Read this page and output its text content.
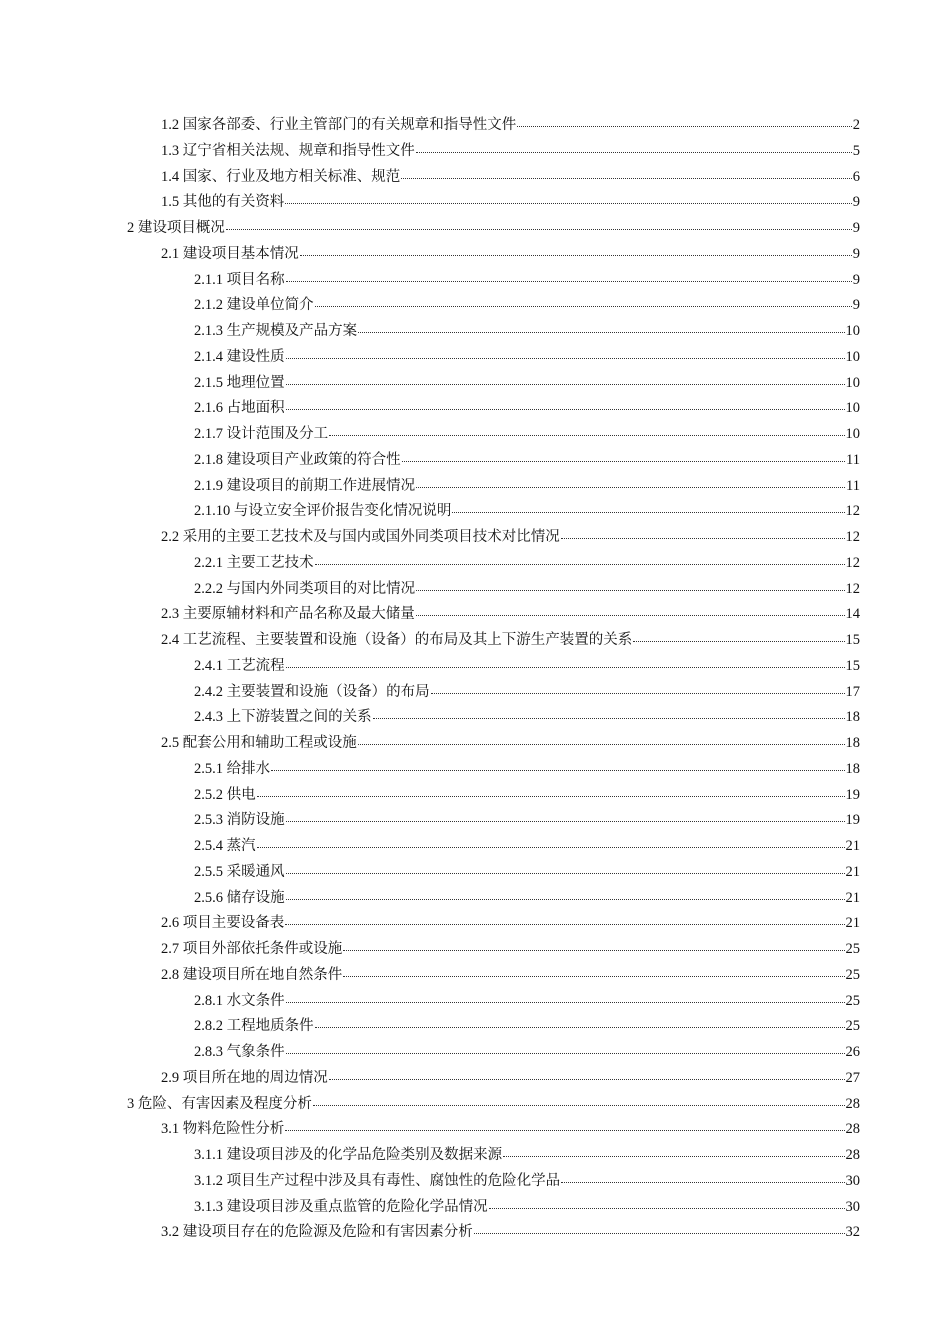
1.2 国家各部委、行业主管部门的有关规章和指导性文件	2
1.3 辽宁省相关法规、规章和指导性文件	5
1.4 国家、行业及地方相关标准、规范	6
1.5 其他的有关资料	9
2 建设项目概况	9
2.1 建设项目基本情况	9
2.1.1 项目名称	9
2.1.2 建设单位简介	9
2.1.3 生产规模及产品方案	10
2.1.4 建设性质	10
2.1.5 地理位置	10
2.1.6 占地面积	10
2.1.7 设计范围及分工	10
2.1.8 建设项目产业政策的符合性	11
2.1.9 建设项目的前期工作进展情况	11
2.1.10 与设立安全评价报告变化情况说明	12
2.2 采用的主要工艺技术及与国内或国外同类项目技术对比情况	12
2.2.1 主要工艺技术	12
2.2.2 与国内外同类项目的对比情况	12
2.3 主要原辅材料和产品名称及最大储量	14
2.4 工艺流程、主要装置和设施（设备）的布局及其上下游生产装置的关系	15
2.4.1 工艺流程	15
2.4.2 主要装置和设施（设备）的布局	17
2.4.3 上下游装置之间的关系	18
2.5 配套公用和辅助工程或设施	18
2.5.1 给排水	18
2.5.2 供电	19
2.5.3 消防设施	19
2.5.4 蒸汽	21
2.5.5 采暖通风	21
2.5.6 储存设施	21
2.6 项目主要设备表	21
2.7 项目外部依托条件或设施	25
2.8 建设项目所在地自然条件	25
2.8.1 水文条件	25
2.8.2 工程地质条件	25
2.8.3 气象条件	26
2.9 项目所在地的周边情况	27
3 危险、有害因素及程度分析	28
3.1 物料危险性分析	28
3.1.1 建设项目涉及的化学品危险类别及数据来源	28
3.1.2 项目生产过程中涉及具有毒性、腐蚀性的危险化学品	30
3.1.3 建设项目涉及重点监管的危险化学品情况	30
3.2 建设项目存在的危险源及危险和有害因素分析	32
